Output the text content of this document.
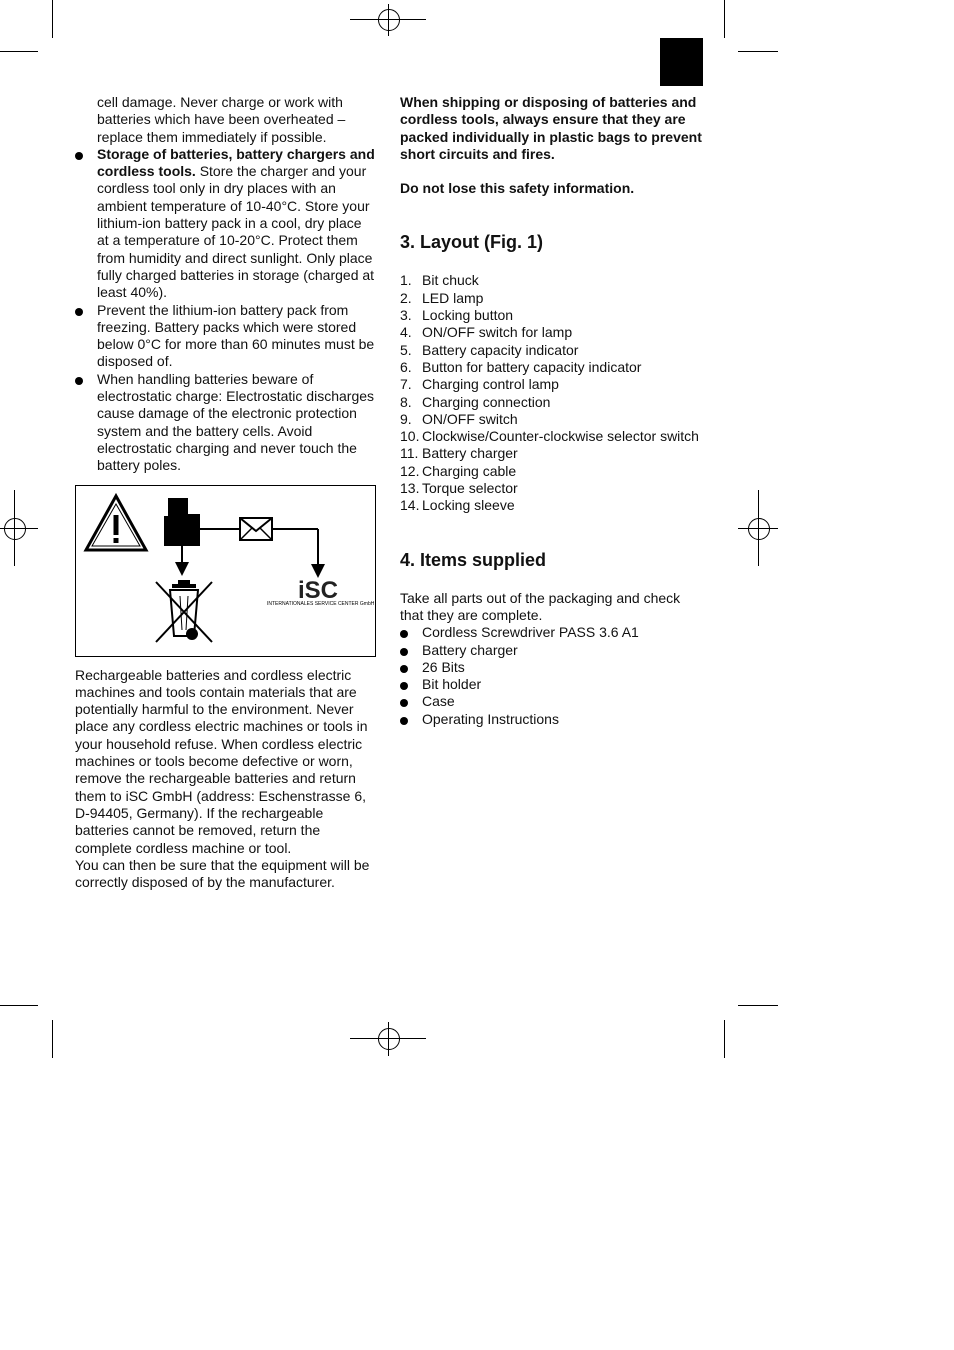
cell damage. Never charge or work with batteries which have been overheated – replace them immediately if possible.

Storage of batteries, battery chargers and cordless tools. Store the charger and your cordless tool only in dry places with an ambient temperature of 10-40°C. Store your lithium-ion battery pack in a cool, dry place at a temperature of 10-20°C. Protect them from humidity and direct sunlight. Only place fully charged batteries in storage (charged at least 40%).

Prevent the lithium-ion battery pack from freezing. Battery packs which were stored below 0°C for more than 60 minutes must be disposed of.

When handling batteries beware of electrostatic charge: Electrostatic discharges cause damage of the electronic protection system and the battery cells. Avoid electrostatic charging and never touch the battery poles.

iSC
INTERNATIONALES SERVICE CENTER GmbH

Rechargeable batteries and cordless electric machines and tools contain materials that are potentially harmful to the environment. Never place any cordless electric machines or tools in your household refuse. When cordless electric machines or tools become defective or worn, remove the rechargeable batteries and return them to iSC GmbH (address: Eschenstrasse 6, D-94405, Germany). If the rechargeable batteries cannot be removed, return the complete cordless machine or tool.

You can then be sure that the equipment will be correctly disposed of by the manufacturer.

When shipping or disposing of batteries and cordless tools, always ensure that they are packed individually in plastic bags to prevent short circuits and fires.

Do not lose this safety information.

3. Layout (Fig. 1)
1. Bit chuck
2. LED lamp
3. Locking button
4. ON/OFF switch for lamp
5. Battery capacity indicator
6. Button for battery capacity indicator
7. Charging control lamp
8. Charging connection
9. ON/OFF switch
10. Clockwise/Counter-clockwise selector switch
11. Battery charger
12. Charging cable
13. Torque selector
14. Locking sleeve
4. Items supplied

Take all parts out of the packaging and check that they are complete.

Cordless Screwdriver PASS 3.6 A1

Battery charger

26 Bits

Bit holder

Case

Operating Instructions
